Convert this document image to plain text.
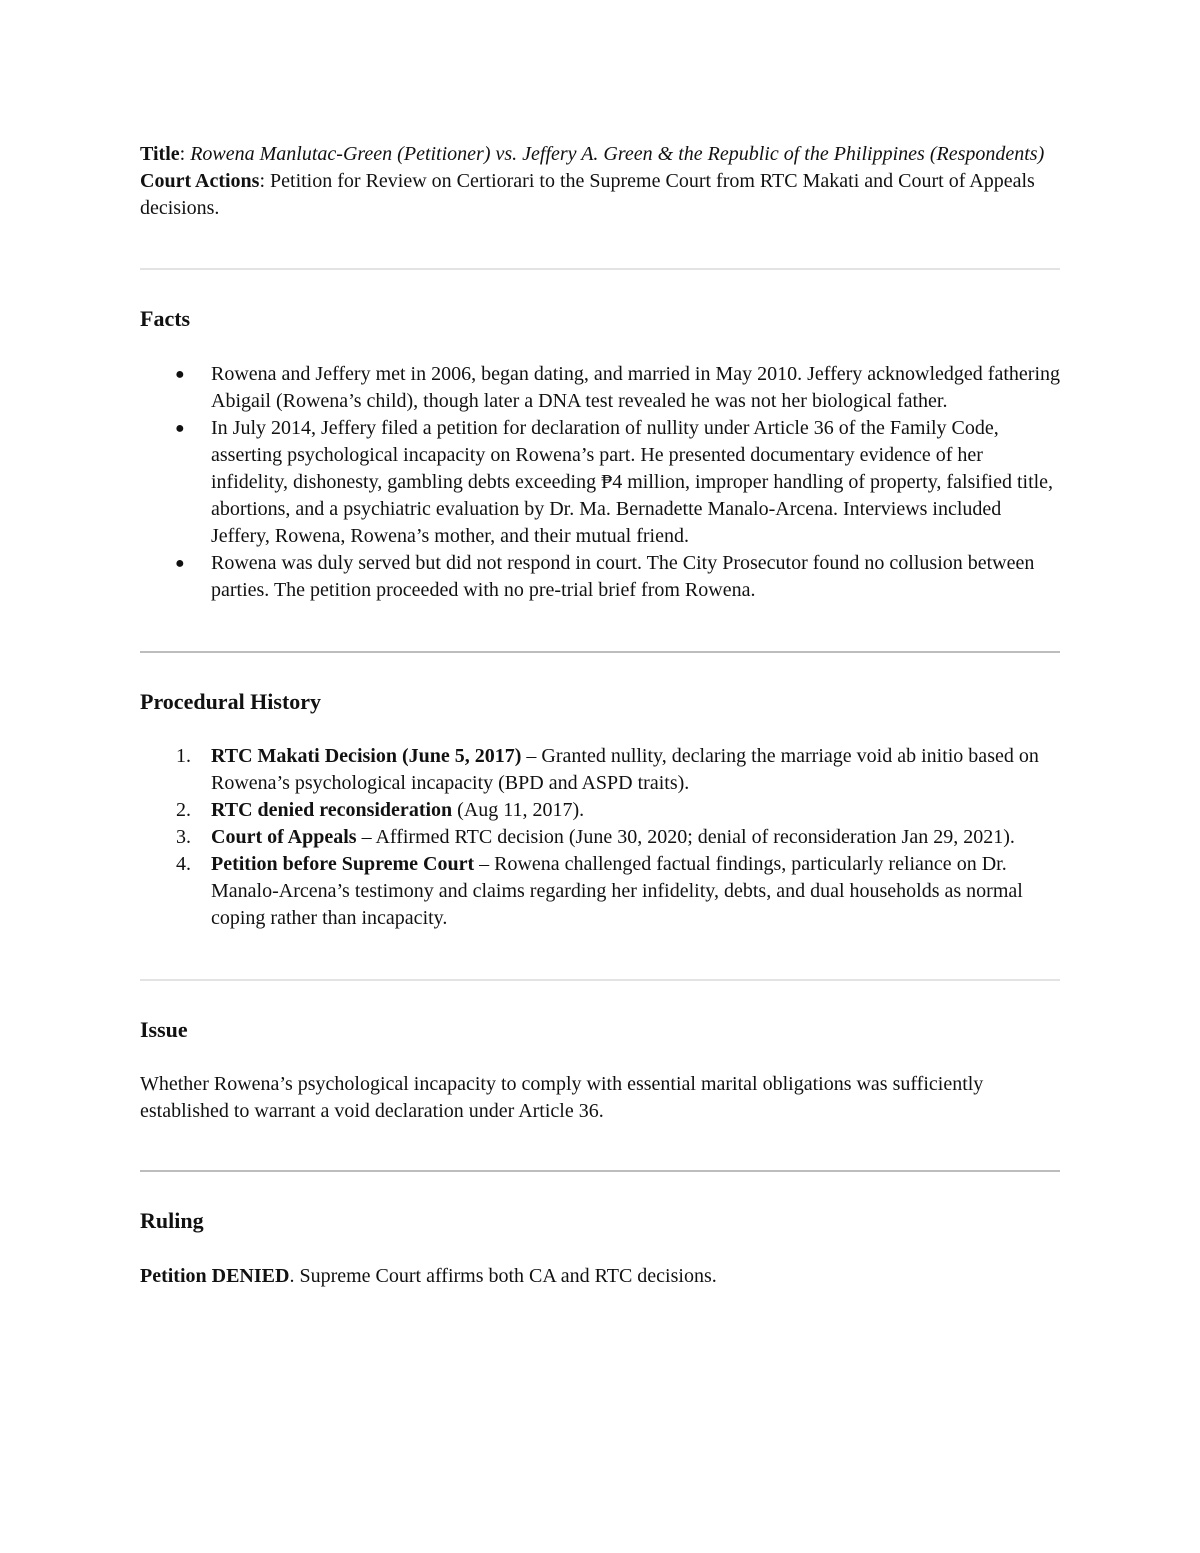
Title: Rowena Manlutac-Green (Petitioner) vs. Jeffery A. Green & the Republic of the Philippines (Respondents)

Court Actions: Petition for Review on Certiorari to the Supreme Court from RTC Makati and Court of Appeals decisions.

Facts
● Rowena and Jeffery met in 2006, began dating, and married in May 2010. Jeffery acknowledged fathering Abigail (Rowena’s child), though later a DNA test revealed he was not her biological father.
● In July 2014, Jeffery filed a petition for declaration of nullity under Article 36 of the Family Code, asserting psychological incapacity on Rowena’s part. He presented documentary evidence of her infidelity, dishonesty, gambling debts exceeding ₱4 million, improper handling of property, falsified title, abortions, and a psychiatric evaluation by Dr. Ma. Bernadette Manalo-Arcena. Interviews included Jeffery, Rowena, Rowena’s mother, and their mutual friend.
● Rowena was duly served but did not respond in court. The City Prosecutor found no collusion between parties. The petition proceeded with no pre-trial brief from Rowena.
Procedural History
1. RTC Makati Decision (June 5, 2017) – Granted nullity, declaring the marriage void ab initio based on Rowena’s psychological incapacity (BPD and ASPD traits).
2. RTC denied reconsideration (Aug 11, 2017).
3. Court of Appeals – Affirmed RTC decision (June 30, 2020; denial of reconsideration Jan 29, 2021).
4. Petition before Supreme Court – Rowena challenged factual findings, particularly reliance on Dr. Manalo-Arcena’s testimony and claims regarding her infidelity, debts, and dual households as normal coping rather than incapacity.
Issue

Whether Rowena’s psychological incapacity to comply with essential marital obligations was sufficiently established to warrant a void declaration under Article 36.

Ruling

Petition DENIED. Supreme Court affirms both CA and RTC decisions.
